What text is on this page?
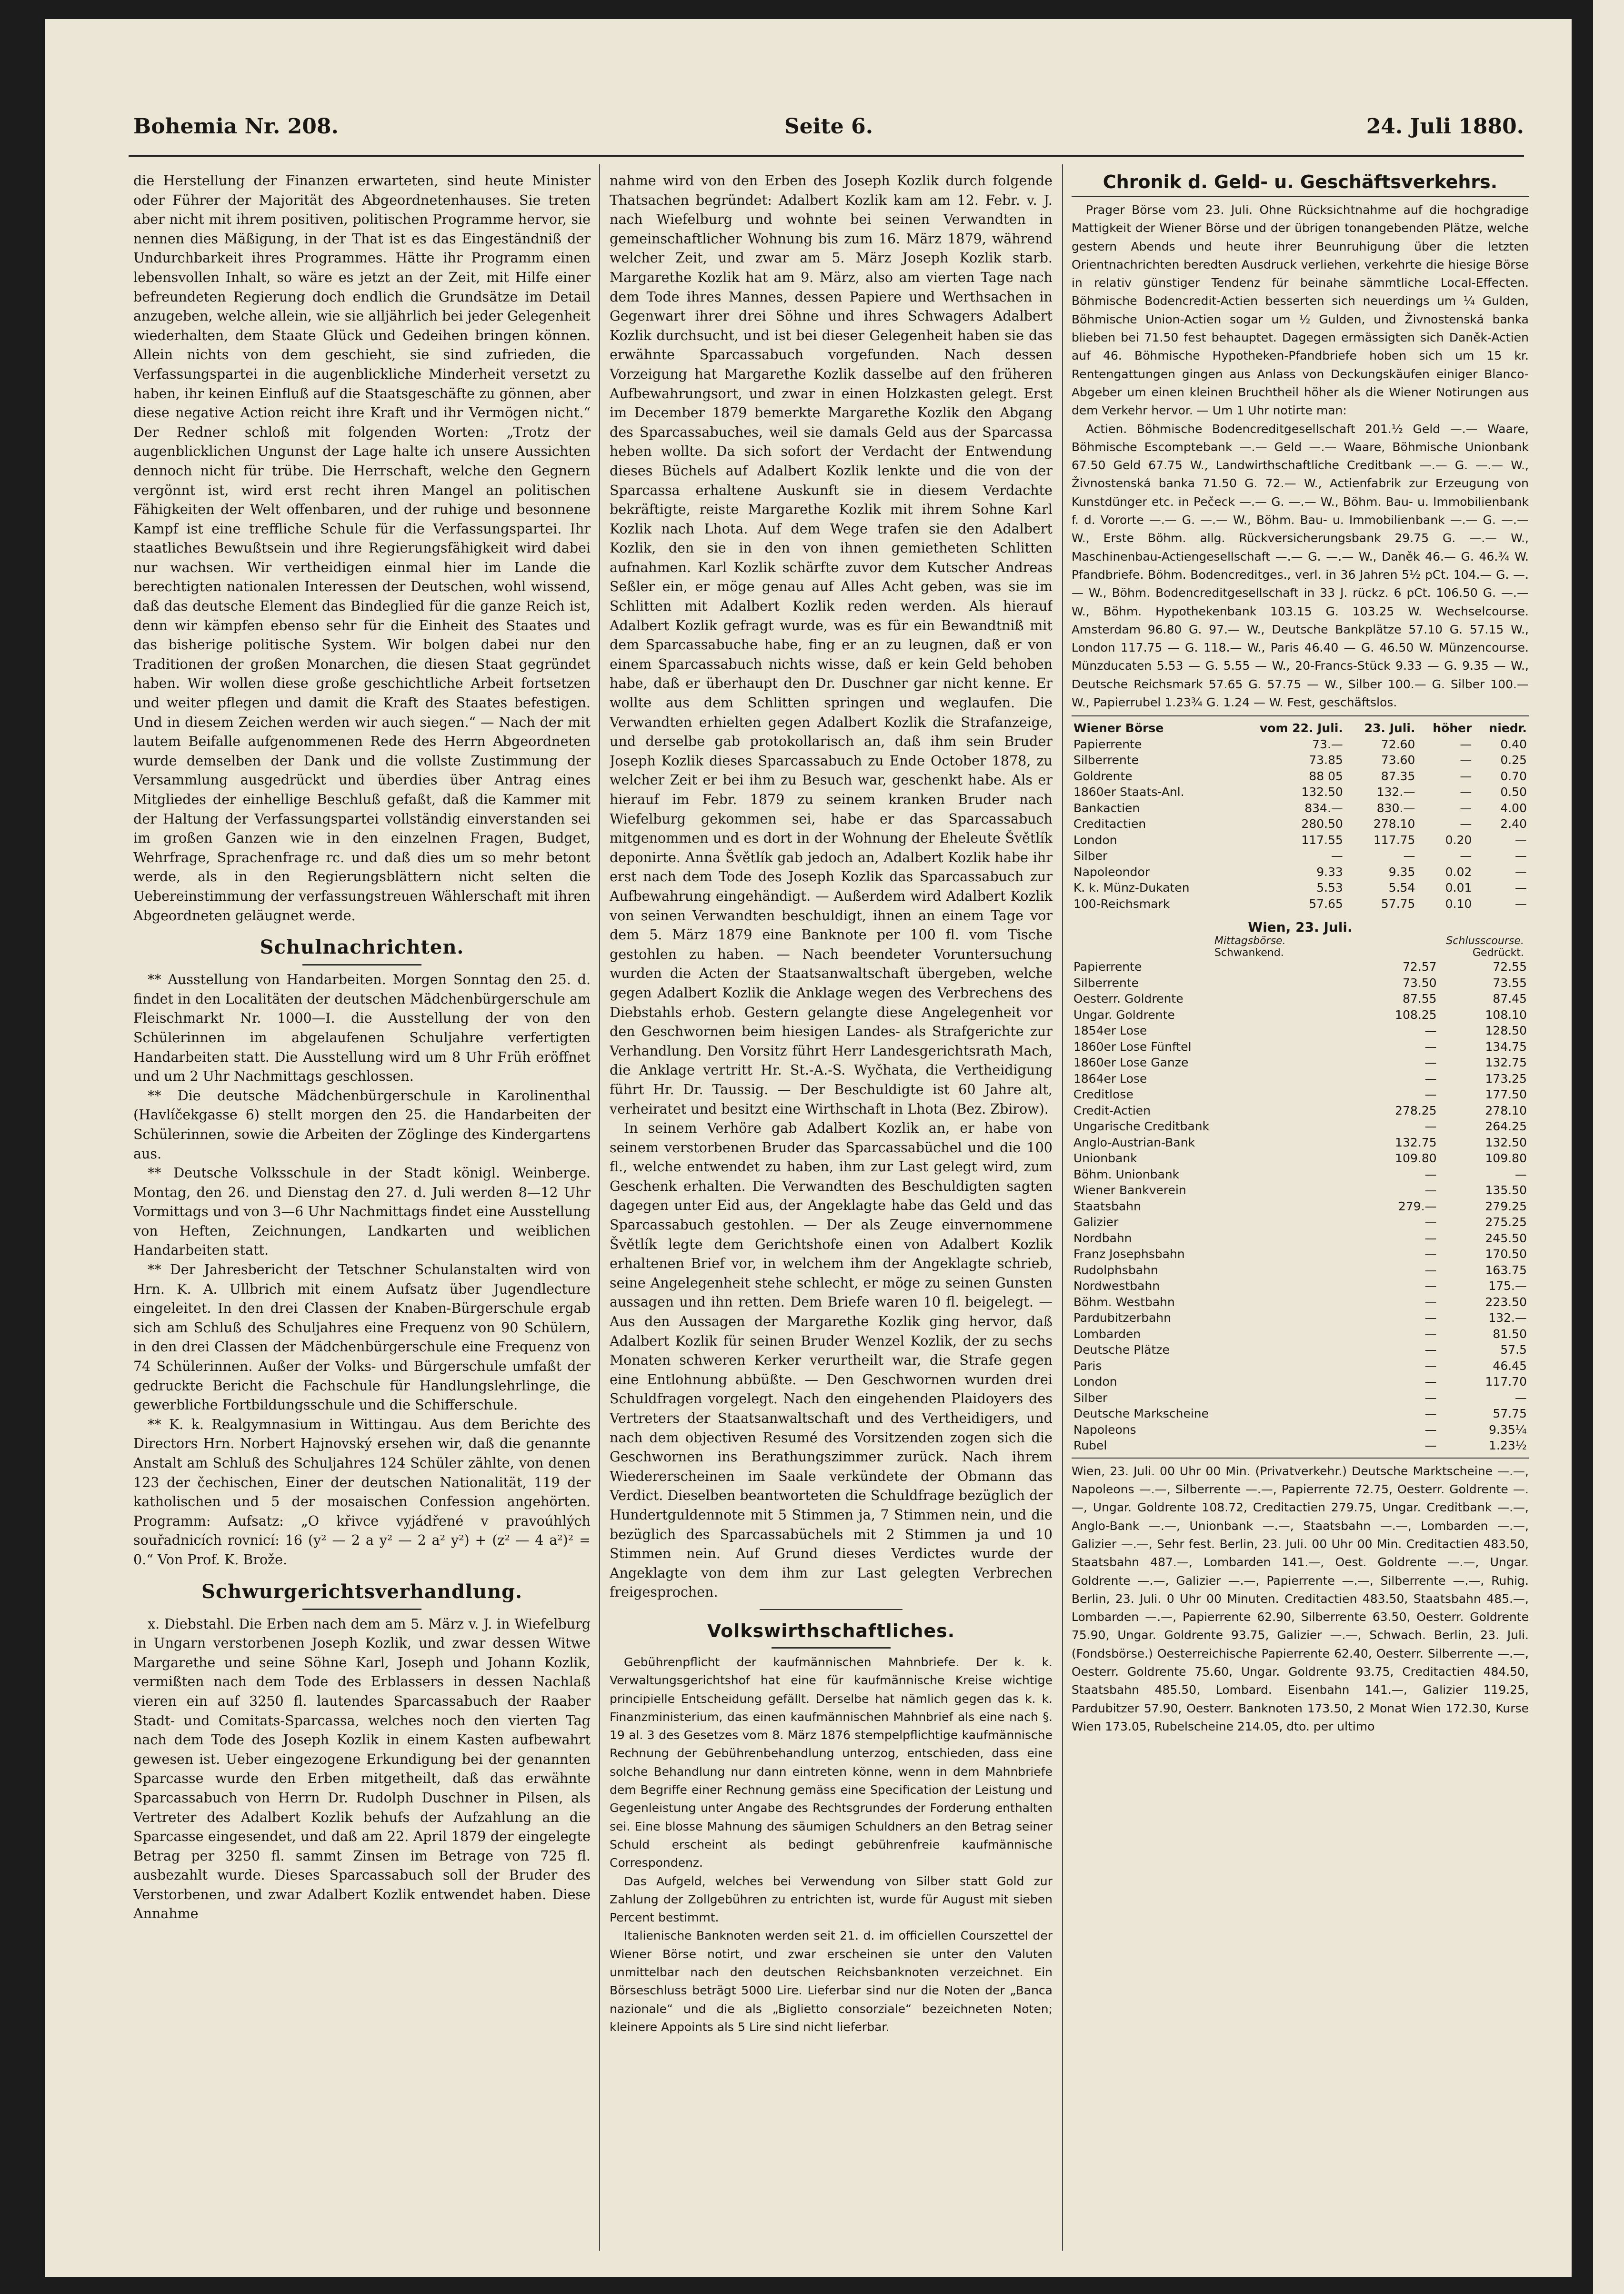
Bohemia Nr. 208.	Seite 6.	24. Juli 1880.

die Herstellung der Finanzen erwarteten, sind heute Minister oder Führer der Majorität des Abgeordnetenhauses. Sie treten aber nicht mit ihrem positiven, politischen Programme hervor, sie nennen dies Mäßigung, in der That ist es das Eingeständniß der Undurchbarkeit ihres Programmes. Hätte ihr Programm einen lebensvollen Inhalt, so wäre es jetzt an der Zeit, mit Hilfe einer befreundeten Regierung doch endlich die Grundsätze im Detail anzugeben, welche allein, wie sie alljährlich bei jeder Gelegenheit wiederhalten, dem Staate Glück und Gedeihen bringen können. Allein nichts von dem geschieht, sie sind zufrieden, die Verfassungspartei in die augenblickliche Minderheit versetzt zu haben, ihr keinen Einfluß auf die Staatsgeschäfte zu gönnen, aber diese negative Action reicht ihre Kraft und ihr Vermögen nicht.“ Der Redner schloß mit folgenden Worten: „Trotz der augenblicklichen Ungunst der Lage halte ich unsere Aussichten dennoch nicht für trübe. Die Herrschaft, welche den Gegnern vergönnt ist, wird erst recht ihren Mangel an politischen Fähigkeiten der Welt offenbaren, und der ruhige und besonnene Kampf ist eine treffliche Schule für die Verfassungspartei. Ihr staatliches Bewußtsein und ihre Regierungsfähigkeit wird dabei nur wachsen. Wir vertheidigen einmal hier im Lande die berechtigten nationalen Interessen der Deutschen, wohl wissend, daß das deutsche Element das Bindeglied für die ganze Reich ist, denn wir kämpfen ebenso sehr für die Einheit des Staates und das bisherige politische System. Wir bolgen dabei nur den Traditionen der großen Monarchen, die diesen Staat gegründet haben. Wir wollen diese große geschichtliche Arbeit fortsetzen und weiter pflegen und damit die Kraft des Staates befestigen. Und in diesem Zeichen werden wir auch siegen.“ — Nach der mit lautem Beifalle aufgenommenen Rede des Herrn Abgeordneten wurde demselben der Dank und die vollste Zustimmung der Versammlung ausgedrückt und überdies über Antrag eines Mitgliedes der einhellige Beschluß gefaßt, daß die Kammer mit der Haltung der Verfassungspartei vollständig einverstanden sei im großen Ganzen wie in den einzelnen Fragen, Budget, Wehrfrage, Sprachenfrage rc. und daß dies um so mehr betont werde, als in den Regierungsblättern nicht selten die Uebereinstimmung der verfassungstreuen Wählerschaft mit ihren Abgeordneten geläugnet werde.

Schulnachrichten.

** Ausstellung von Handarbeiten. Morgen Sonntag den 25. d. findet in den Localitäten der deutschen Mädchenbürgerschule am Fleischmarkt Nr. 1000—I. die Ausstellung der von den Schülerinnen im abgelaufenen Schuljahre verfertigten Handarbeiten statt. Die Ausstellung wird um 8 Uhr Früh eröffnet und um 2 Uhr Nachmittags geschlossen.

** Die deutsche Mädchenbürgerschule in Karolinenthal (Havlíčekgasse 6) stellt morgen den 25. die Handarbeiten der Schülerinnen, sowie die Arbeiten der Zöglinge des Kindergartens aus.

** Deutsche Volksschule in der Stadt königl. Weinberge. Montag, den 26. und Dienstag den 27. d. Juli werden 8—12 Uhr Vormittags und von 3—6 Uhr Nachmittags findet eine Ausstellung von Heften, Zeichnungen, Landkarten und weiblichen Handarbeiten statt.

** Der Jahresbericht der Tetschner Schulanstalten wird von Hrn. K. A. Ullbrich mit einem Aufsatz über Jugendlecture eingeleitet. In den drei Classen der Knaben-Bürgerschule ergab sich am Schluß des Schuljahres eine Frequenz von 90 Schülern, in den drei Classen der Mädchenbürgerschule eine Frequenz von 74 Schülerinnen. Außer der Volks- und Bürgerschule umfaßt der gedruckte Bericht die Fachschule für Handlungslehrlinge, die gewerbliche Fortbildungsschule und die Schifferschule.

** K. k. Realgymnasium in Wittingau. Aus dem Berichte des Directors Hrn. Norbert Hajnovský ersehen wir, daß die genannte Anstalt am Schluß des Schuljahres 124 Schüler zählte, von denen 123 der čechischen, Einer der deutschen Nationalität, 119 der katholischen und 5 der mosaischen Confession angehörten. Programm: Aufsatz: „O křivce vyjádřené v pravoúhlých souřadnicích rovnicí: 16 (y² — 2 a y² — 2 a² y²) + (z² — 4 a²)² = 0.“ Von Prof. K. Brože.

Schwurgerichtsverhandlung.

x. Diebstahl. Die Erben nach dem am 5. März v. J. in Wiefelburg in Ungarn verstorbenen Joseph Kozlik, und zwar dessen Witwe Margarethe und seine Söhne Karl, Joseph und Johann Kozlik, vermißten nach dem Tode des Erblassers in dessen Nachlaß vieren ein auf 3250 fl. lautendes Sparcassabuch der Raaber Stadt- und Comitats-Sparcassa, welches noch den vierten Tag nach dem Tode des Joseph Kozlik in einem Kasten aufbewahrt gewesen ist. Ueber eingezogene Erkundigung bei der genannten Sparcasse wurde den Erben mitgetheilt, daß das erwähnte Sparcassabuch von Herrn Dr. Rudolph Duschner in Pilsen, als Vertreter des Adalbert Kozlik behufs der Aufzahlung an die Sparcasse eingesendet, und daß am 22. April 1879 der eingelegte Betrag per 3250 fl. sammt Zinsen im Betrage von 725 fl. ausbezahlt wurde. Dieses Sparcassabuch soll der Bruder des Verstorbenen, und zwar Adalbert Kozlik entwendet haben. Diese Annahme

nahme wird von den Erben des Joseph Kozlik durch folgende Thatsachen begründet: Adalbert Kozlik kam am 12. Febr. v. J. nach Wiefelburg und wohnte bei seinen Verwandten in gemeinschaftlicher Wohnung bis zum 16. März 1879, während welcher Zeit, und zwar am 5. März Joseph Kozlik starb. Margarethe Kozlik hat am 9. März, also am vierten Tage nach dem Tode ihres Mannes, dessen Papiere und Werthsachen in Gegenwart ihrer drei Söhne und ihres Schwagers Adalbert Kozlik durchsucht, und ist bei dieser Gelegenheit haben sie das erwähnte Sparcassabuch vorgefunden. Nach dessen Vorzeigung hat Margarethe Kozlik dasselbe auf den früheren Aufbewahrungsort, und zwar in einen Holzkasten gelegt. Erst im December 1879 bemerkte Margarethe Kozlik den Abgang des Sparcassabuches, weil sie damals Geld aus der Sparcassa heben wollte. Da sich sofort der Verdacht der Entwendung dieses Büchels auf Adalbert Kozlik lenkte und die von der Sparcassa erhaltene Auskunft sie in diesem Verdachte bekräftigte, reiste Margarethe Kozlik mit ihrem Sohne Karl Kozlik nach Lhota. Auf dem Wege trafen sie den Adalbert Kozlik, den sie in den von ihnen gemietheten Schlitten aufnahmen. Karl Kozlik schärfte zuvor dem Kutscher Andreas Seßler ein, er möge genau auf Alles Acht geben, was sie im Schlitten mit Adalbert Kozlik reden werden. Als hierauf Adalbert Kozlik gefragt wurde, was es für ein Bewandtniß mit dem Sparcassabuche habe, fing er an zu leugnen, daß er von einem Sparcassabuch nichts wisse, daß er kein Geld behoben habe, daß er überhaupt den Dr. Duschner gar nicht kenne. Er wollte aus dem Schlitten springen und weglaufen. Die Verwandten erhielten gegen Adalbert Kozlik die Strafanzeige, und derselbe gab protokollarisch an, daß ihm sein Bruder Joseph Kozlik dieses Sparcassabuch zu Ende October 1878, zu welcher Zeit er bei ihm zu Besuch war, geschenkt habe. Als er hierauf im Febr. 1879 zu seinem kranken Bruder nach Wiefelburg gekommen sei, habe er das Sparcassabuch mitgenommen und es dort in der Wohnung der Eheleute Švětlík deponirte. Anna Švětlík gab jedoch an, Adalbert Kozlik habe ihr erst nach dem Tode des Joseph Kozlik das Sparcassabuch zur Aufbewahrung eingehändigt. — Außerdem wird Adalbert Kozlik von seinen Verwandten beschuldigt, ihnen an einem Tage vor dem 5. März 1879 eine Banknote per 100 fl. vom Tische gestohlen zu haben. — Nach beendeter Voruntersuchung wurden die Acten der Staatsanwaltschaft übergeben, welche gegen Adalbert Kozlik die Anklage wegen des Verbrechens des Diebstahls erhob. Gestern gelangte diese Angelegenheit vor den Geschwornen beim hiesigen Landes- als Strafgerichte zur Verhandlung. Den Vorsitz führt Herr Landesgerichtsrath Mach, die Anklage vertritt Hr. St.-A.-S. Wyčhata, die Vertheidigung führt Hr. Dr. Taussig. — Der Beschuldigte ist 60 Jahre alt, verheiratet und besitzt eine Wirthschaft in Lhota (Bez. Zbirow).

In seinem Verhöre gab Adalbert Kozlik an, er habe von seinem verstorbenen Bruder das Sparcassabüchel und die 100 fl., welche entwendet zu haben, ihm zur Last gelegt wird, zum Geschenk erhalten. Die Verwandten des Beschuldigten sagten dagegen unter Eid aus, der Angeklagte habe das Geld und das Sparcassabuch gestohlen. — Der als Zeuge einvernommene Švětlík legte dem Gerichtshofe einen von Adalbert Kozlik erhaltenen Brief vor, in welchem ihm der Angeklagte schrieb, seine Angelegenheit stehe schlecht, er möge zu seinen Gunsten aussagen und ihn retten. Dem Briefe waren 10 fl. beigelegt. — Aus den Aussagen der Margarethe Kozlik ging hervor, daß Adalbert Kozlik für seinen Bruder Wenzel Kozlik, der zu sechs Monaten schweren Kerker verurtheilt war, die Strafe gegen eine Entlohnung abbüßte. — Den Geschwornen wurden drei Schuldfragen vorgelegt. Nach den eingehenden Plaidoyers des Vertreters der Staatsanwaltschaft und des Vertheidigers, und nach dem objectiven Resumé des Vorsitzenden zogen sich die Geschwornen ins Berathungszimmer zurück. Nach ihrem Wiedererscheinen im Saale verkündete der Obmann das Verdict. Dieselben beantworteten die Schuldfrage bezüglich der Hundertguldennote mit 5 Stimmen ja, 7 Stimmen nein, und die bezüglich des Sparcassabüchels mit 2 Stimmen ja und 10 Stimmen nein. Auf Grund dieses Verdictes wurde der Angeklagte von dem ihm zur Last gelegten Verbrechen freigesprochen.

Volkswirthschaftliches.

Gebührenpflicht der kaufmännischen Mahnbriefe. Der k. k. Verwaltungsgerichtshof hat eine für kaufmännische Kreise wichtige principielle Entscheidung gefällt. Derselbe hat nämlich gegen das k. k. Finanzministerium, das einen kaufmännischen Mahnbrief als eine nach §. 19 al. 3 des Gesetzes vom 8. März 1876 stempelpflichtige kaufmännische Rechnung der Gebührenbehandlung unterzog, entschieden, dass eine solche Behandlung nur dann eintreten könne, wenn in dem Mahnbriefe dem Begriffe einer Rechnung gemäss eine Specification der Leistung und Gegenleistung unter Angabe des Rechtsgrundes der Forderung enthalten sei. Eine blosse Mahnung des säumigen Schuldners an den Betrag seiner Schuld erscheint als bedingt gebührenfreie kaufmännische Correspondenz.

Das Aufgeld, welches bei Verwendung von Silber statt Gold zur Zahlung der Zollgebühren zu entrichten ist, wurde für August mit sieben Percent bestimmt.

Italienische Banknoten werden seit 21. d. im officiellen Courszettel der Wiener Börse notirt, und zwar erscheinen sie unter den Valuten unmittelbar nach den deutschen Reichsbanknoten verzeichnet. Ein Börseschluss beträgt 5000 Lire. Lieferbar sind nur die Noten der „Banca nazionale“ und die als „Biglietto consorziale“ bezeichneten Noten; kleinere Appoints als 5 Lire sind nicht lieferbar.

Chronik d. Geld- u. Geschäftsverkehrs.

Prager Börse vom 23. Juli. Ohne Rücksichtnahme auf die hochgradige Mattigkeit der Wiener Börse und der übrigen tonangebenden Plätze, welche gestern Abends und heute ihrer Beunruhigung über die letzten Orientnachrichten beredten Ausdruck verliehen, verkehrte die hiesige Börse in relativ günstiger Tendenz für beinahe sämmtliche Local-Effecten. Böhmische Bodencredit-Actien besserten sich neuerdings um ¼ Gulden, Böhmische Union-Actien sogar um ½ Gulden, und Živnostenská banka blieben bei 71.50 fest behauptet. Dagegen ermässigten sich Daněk-Actien auf 46. Böhmische Hypotheken-Pfandbriefe hoben sich um 15 kr. Rentengattungen gingen aus Anlass von Deckungskäufen einiger Blanco-Abgeber um einen kleinen Bruchtheil höher als die Wiener Notirungen aus dem Verkehr hervor. — Um 1 Uhr notirte man:

Actien. Böhmische Bodencreditgesellschaft 201.½ Geld —.— Waare, Böhmische Escomptebank —.— Geld —.— Waare, Böhmische Unionbank 67.50 Geld 67.75 W., Landwirthschaftliche Creditbank —.— G. —.— W., Živnostenská banka 71.50 G. 72.— W., Actienfabrik zur Erzeugung von Kunstdünger etc. in Pečeck —.— G. —.— W., Böhm. Bau- u. Immobilienbank f. d. Vororte —.— G. —.— W., Böhm. Bau- u. Immobilienbank —.— G. —.— W., Erste Böhm. allg. Rückversicherungsbank 29.75 G. —.— W., Maschinenbau-Actiengesellschaft —.— G. —.— W., Daněk 46.— G. 46.¾ W. Pfandbriefe. Böhm. Bodencreditges., verl. in 36 Jahren 5½ pCt. 104.— G. —.— W., Böhm. Bodencreditgesellschaft in 33 J. rückz. 6 pCt. 106.50 G. —.— W., Böhm. Hypothekenbank 103.15 G. 103.25 W. Wechselcourse. Amsterdam 96.80 G. 97.— W., Deutsche Bankplätze 57.10 G. 57.15 W., London 117.75 — G. 118.— W., Paris 46.40 — G. 46.50 W. Münzencourse. Münzducaten 5.53 — G. 5.55 — W., 20-Francs-Stück 9.33 — G. 9.35 — W., Deutsche Reichsmark 57.65 G. 57.75 — W., Silber 100.— G. Silber 100.— W., Papierrubel 1.23¾ G. 1.24 — W. Fest, geschäftslos.

Wiener Börse	vom 22. Juli.	23. Juli.	höher	niedr.
Papierrente	73.—	72.60	—	0.40
Silberrente	73.85	73.60	—	0.25
Goldrente	88 05	87.35	—	0.70
1860er Staats-Anl.	132.50	132.—	—	0.50
Bankactien	834.—	830.—	—	4.00
Creditactien	280.50	278.10	—	2.40
London	117.55	117.75	0.20	—
Silber	—	—	—	—
Napoleondor	9.33	9.35	0.02	—
K. k. Münz-Dukaten	5.53	5.54	0.01	—
100-Reichsmark	57.65	57.75	0.10	—
Wien, 23. Juli.
Mittagsbörse.	Schlusscourse.
Schwankend.	Gedrückt.
Papierrente	72.57	72.55
Silberrente	73.50	73.55
Oesterr. Goldrente	87.55	87.45
Ungar. Goldrente	108.25	108.10
1854er Lose	—	128.50
1860er Lose Fünftel	—	134.75
1860er Lose Ganze	—	132.75
1864er Lose	—	173.25
Creditlose	—	177.50
Credit-Actien	278.25	278.10
Ungarische Creditbank	—	264.25
Anglo-Austrian-Bank	132.75	132.50
Unionbank	109.80	109.80
Böhm. Unionbank	—	—
Wiener Bankverein	—	135.50
Staatsbahn	279.—	279.25
Galizier	—	275.25
Nordbahn	—	245.50
Franz Josephsbahn	—	170.50
Rudolphsbahn	—	163.75
Nordwestbahn	—	175.—
Böhm. Westbahn	—	223.50
Pardubitzerbahn	—	132.—
Lombarden	—	81.50
Deutsche Plätze	—	57.5
Paris	—	46.45
London	—	117.70
Silber	—	—
Deutsche Markscheine	—	57.75
Napoleons	—	9.35¼
Rubel	—	1.23½

Wien, 23. Juli. 00 Uhr 00 Min. (Privatverkehr.) Deutsche Marktscheine —.—, Napoleons —.—, Silberrente —.—, Papierrente 72.75, Oesterr. Goldrente —.—, Ungar. Goldrente 108.72, Creditactien 279.75, Ungar. Creditbank —.—, Anglo-Bank —.—, Unionbank —.—, Staatsbahn —.—, Lombarden —.—, Galizier —.—, Sehr fest. Berlin, 23. Juli. 00 Uhr 00 Min. Creditactien 483.50, Staatsbahn 487.—, Lombarden 141.—, Oest. Goldrente —.—, Ungar. Goldrente —.—, Galizier —.—, Papierrente —.—, Silberrente —.—, Ruhig. Berlin, 23. Juli. 0 Uhr 00 Minuten. Creditactien 483.50, Staatsbahn 485.—, Lombarden —.—, Papierrente 62.90, Silberrente 63.50, Oesterr. Goldrente 75.90, Ungar. Goldrente 93.75, Galizier —.—, Schwach. Berlin, 23. Juli. (Fondsbörse.) Oesterreichische Papierrente 62.40, Oesterr. Silberrente —.—, Oesterr. Goldrente 75.60, Ungar. Goldrente 93.75, Creditactien 484.50, Staatsbahn 485.50, Lombard. Eisenbahn 141.—, Galizier 119.25, Pardubitzer 57.90, Oesterr. Banknoten 173.50, 2 Monat Wien 172.30, Kurse Wien 173.05, Rubelscheine 214.05, dto. per ultimo
